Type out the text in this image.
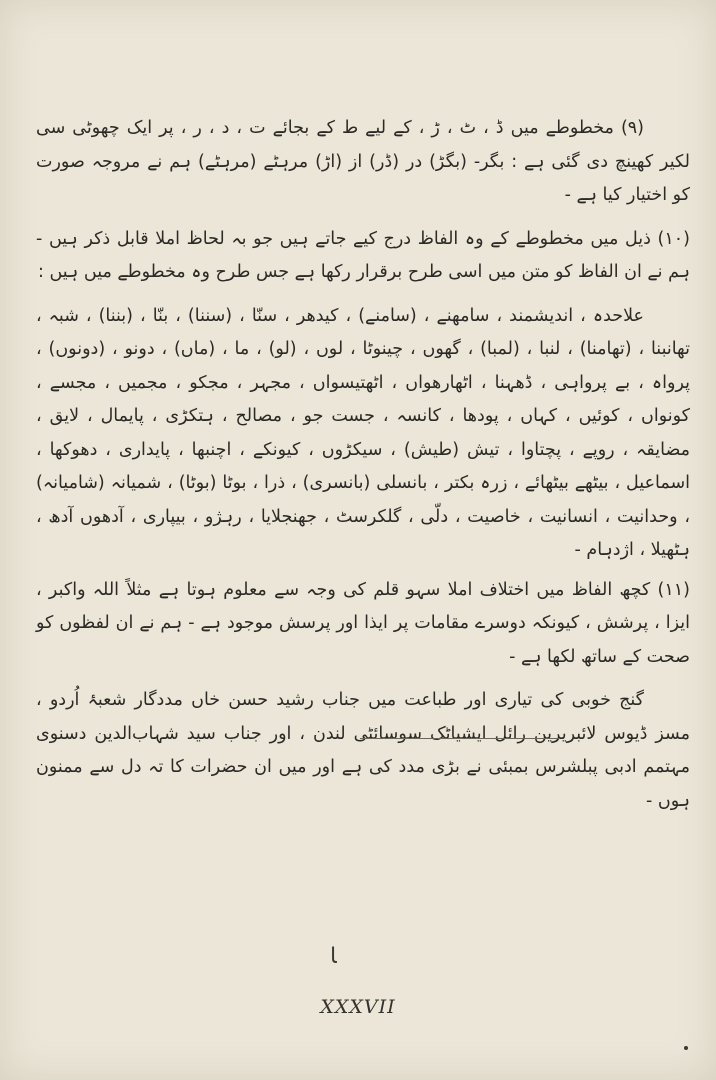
(۹) مخطوطے میں ڈ ، ٹ ، ڑ ، کے لیے ط کے بجائے ت ، د ، ر ، پر ایک چھوٹی سی لکیر کھینچ دی گئی ہے : بگر- (بگڑ) در (ڈر) از (اڑ) مرہٹے (مرہٹے) ہم نے مروجہ صورت کو اختیار کیا ہے -

(۱۰) ذیل میں مخطوطے کے وہ الفاظ درج کیے جاتے ہیں جو بہ لحاظ املا قابل ذکر ہیں - ہم نے ان الفاظ کو متن میں اسی طرح برقرار رکھا ہے جس طرح وہ مخطوطے میں ہیں :

علاحدہ ، اندیشمند ، سامھنے ، (سامنے) ، کیدھر ، سنّا ، (سننا) ، بنّا ، (بننا) ، شبہ ، تھانبنا ، (تھامنا) ، لنبا ، (لمبا) ، گھوں ، چینوٹا ، لوں ، (لو) ، ما ، (ماں) ، دونو ، (دونوں) ، پرواہ ، بے پرواہی ، ڈھہنا ، اٹھارھواں ، اٹھتیسواں ، مجہر ، مجکو ، مجمیں ، مجسے ، کونواں ، کوئیں ، کہاں ، پودھا ، کانسہ ، جست جو ، مصالح ، ہتکڑی ، پایمال ، لایق ، مضایقہ ، روپے ، پچتاوا ، تیش (طیش) ، سیکڑوں ، کیونکے ، اچنبھا ، پایداری ، دھوکھا ، اسماعیل ، بیٹھے بیٹھائے ، زرہ بکتر ، بانسلی (بانسری) ، ذرا ، بوٹا (بوٹا) ، شمیانہ (شامیانہ) ، وحدانیت ، انسانیت ، خاصیت ، دلّی ، گلکرسٹ ، جھنجلایا ، رہژو ، بیپاری ، آدھوں آدھ ، ہٹھیلا ، اژدہام -

(۱۱) کچھ الفاظ میں اختلاف املا سہو قلم کی وجہ سے معلوم ہوتا ہے مثلاً اللہ واکبر ، ایزا ، پرشش ، کیونکہ دوسرے مقامات پر ایذا اور پرسش موجود ہے - ہم نے ان لفظوں کو صحت کے ساتھ لکھا ہے -

گنج خوبی کی تیاری اور طباعت میں جناب رشید حسن خاں مددگار شعبۂ اُردو ، مسز ڈیوس لائبریرین رائل ایشیاٹک سوسائٹی لندن ، اور جناب سید شہاب‌الدین دسنوی مہتمم ادبی پبلشرس بمبئی نے بڑی مدد کی ہے اور میں ان حضرات کا تہ دل سے ممنون ہوں -

ﺎ
XXXVII
